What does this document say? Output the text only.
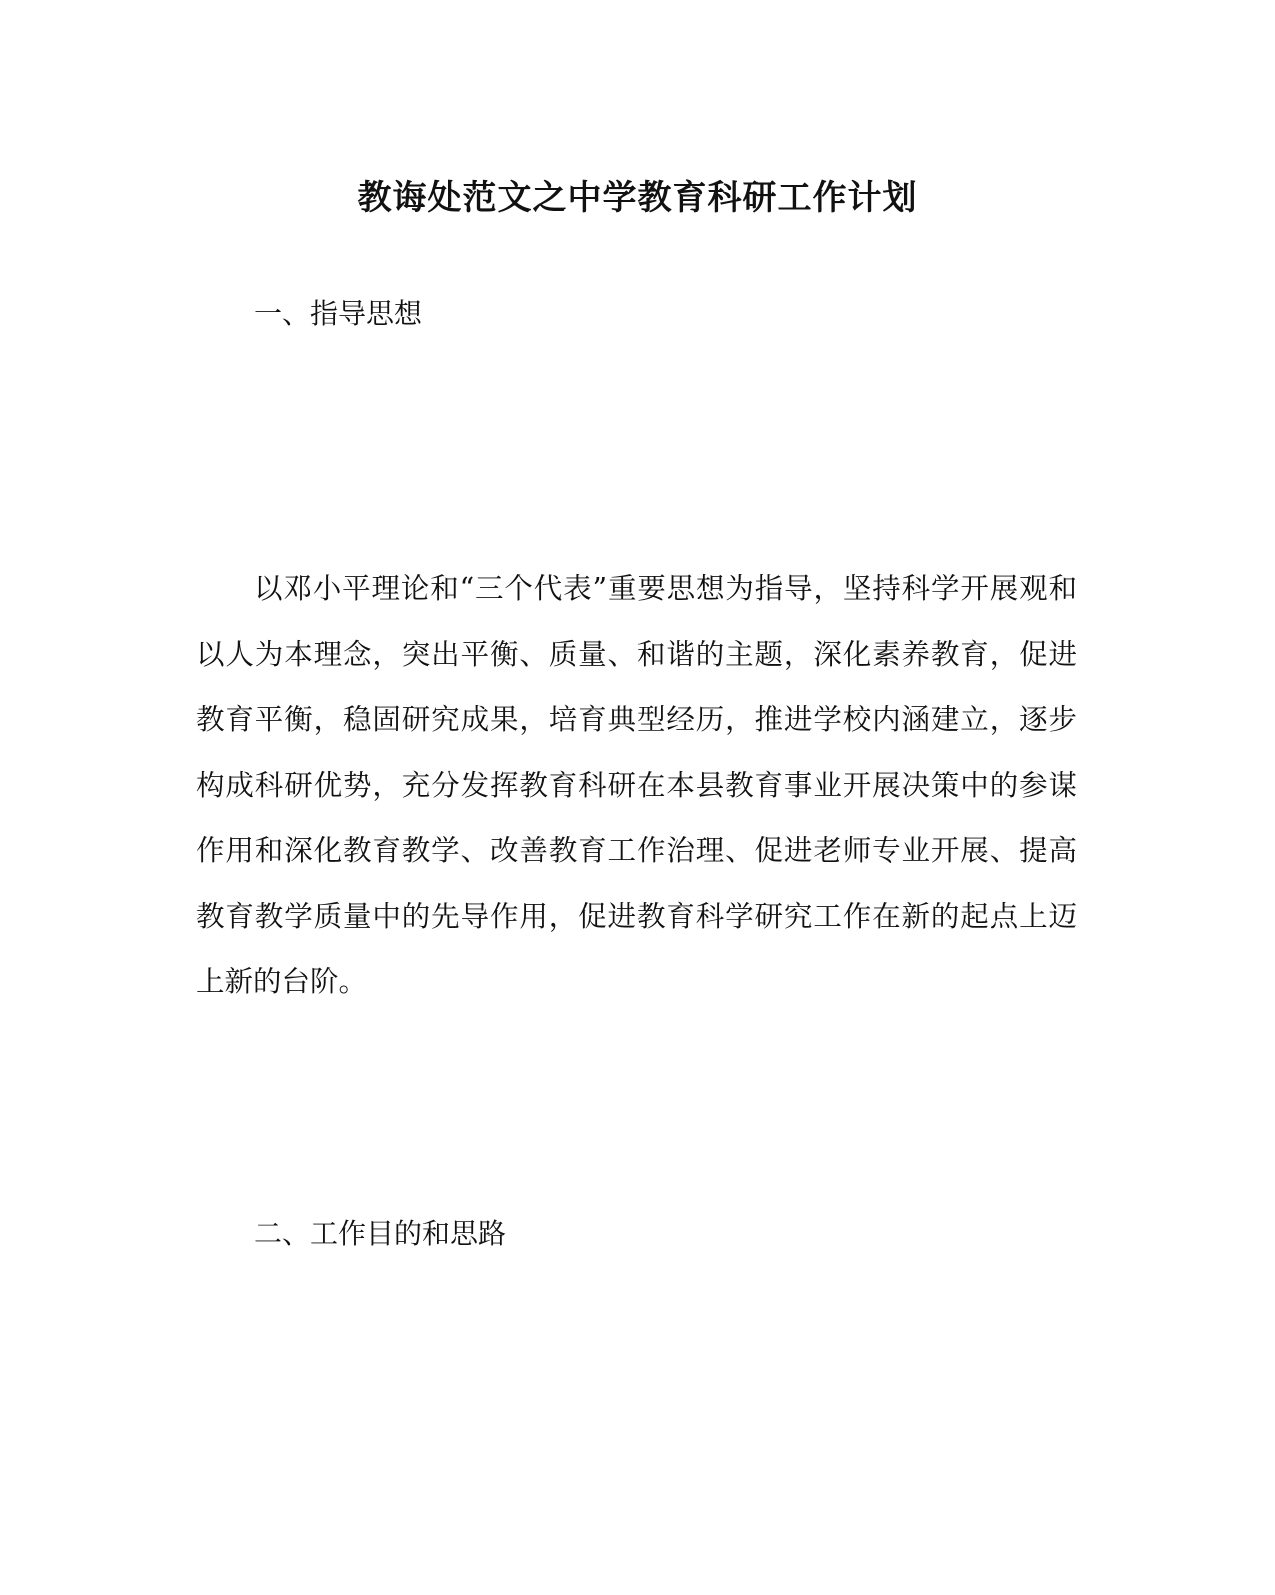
教诲处范文之中学教育科研工作计划
一、指导思想

以邓小平理论和“三个代表”重要思想为指导，坚持科学开展观和以人为本理念，突出平衡、质量、和谐的主题，深化素养教育，促进教育平衡，稳固研究成果，培育典型经历，推进学校内涵建立，逐步构成科研优势，充分发挥教育科研在本县教育事业开展决策中的参谋作用和深化教育教学、改善教育工作治理、促进老师专业开展、提高教育教学质量中的先导作用，促进教育科学研究工作在新的起点上迈上新的台阶。

二、工作目的和思路
